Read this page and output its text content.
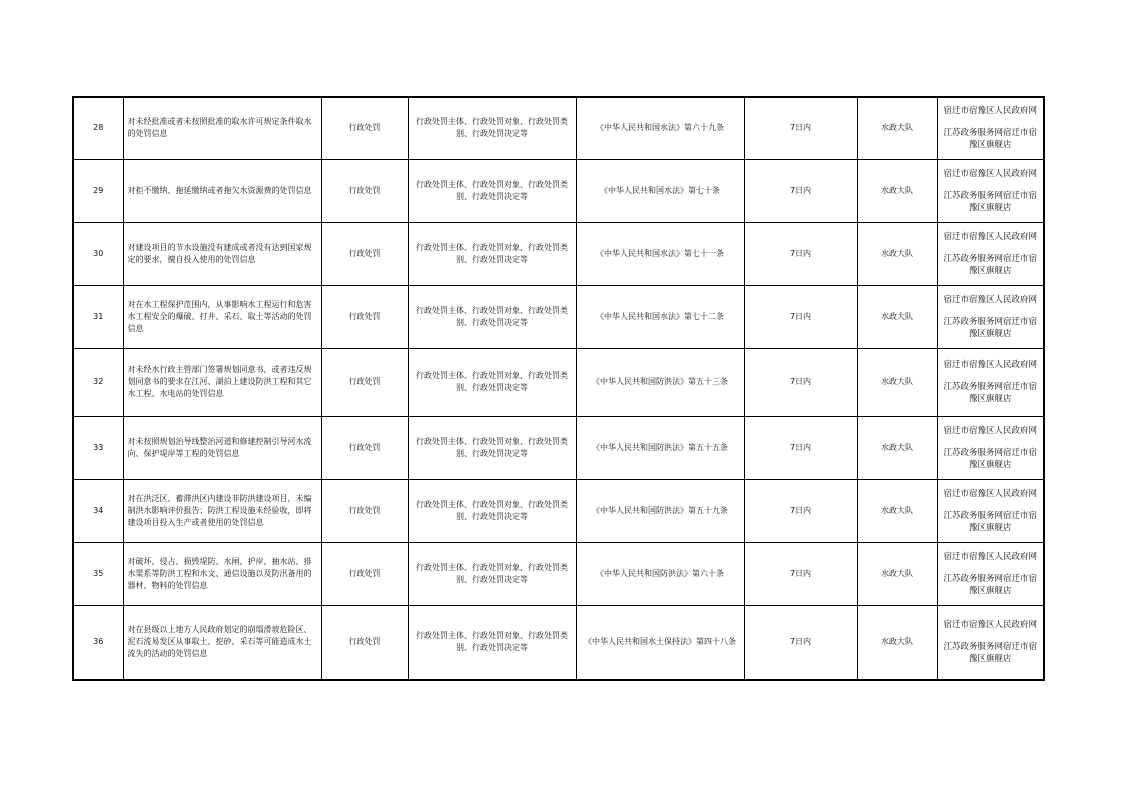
28	对未经批准或者未按照批准的取水许可规定条件取水的处罚信息	行政处罚	行政处罚主体、行政处罚对象、行政处罚类别、行政处罚决定等	《中华人民共和国水法》第六十九条	7日内	水政大队	宿迁市宿豫区人民政府网
江苏政务服务网宿迁市宿豫区旗舰店

29	对拒不缴纳、拖延缴纳或者拖欠水资源费的处罚信息	行政处罚	行政处罚主体、行政处罚对象、行政处罚类别、行政处罚决定等	《中华人民共和国水法》第七十条	7日内	水政大队	宿迁市宿豫区人民政府网
江苏政务服务网宿迁市宿豫区旗舰店

30	对建设项目的节水设施没有建成或者没有达到国家规定的要求，擅自投入使用的处罚信息	行政处罚	行政处罚主体、行政处罚对象、行政处罚类别、行政处罚决定等	《中华人民共和国水法》第七十一条	7日内	水政大队	宿迁市宿豫区人民政府网
江苏政务服务网宿迁市宿豫区旗舰店

31	对在水工程保护范围内，从事影响水工程运行和危害水工程安全的爆破、打井、采石、取土等活动的处罚信息	行政处罚	行政处罚主体、行政处罚对象、行政处罚类别、行政处罚决定等	《中华人民共和国水法》第七十二条	7日内	水政大队	宿迁市宿豫区人民政府网
江苏政务服务网宿迁市宿豫区旗舰店

32	对未经水行政主管部门签署规划同意书，或者违反规划同意书的要求在江河、湖泊上建设防洪工程和其它水工程、水电站的处罚信息	行政处罚	行政处罚主体、行政处罚对象、行政处罚类别、行政处罚决定等	《中华人民共和国防洪法》第五十三条	7日内	水政大队	宿迁市宿豫区人民政府网
江苏政务服务网宿迁市宿豫区旗舰店

33	对未按照规划治导线整治河道和修建控制引导河水流向、保护堤岸等工程的处罚信息	行政处罚	行政处罚主体、行政处罚对象、行政处罚类别、行政处罚决定等	《中华人民共和国防洪法》第五十五条	7日内	水政大队	宿迁市宿豫区人民政府网
江苏政务服务网宿迁市宿豫区旗舰店

34	对在洪泛区、蓄滞洪区内建设非防洪建设项目，未编制洪水影响评价报告；防洪工程设施未经验收，即将建设项目投入生产或者使用的处罚信息	行政处罚	行政处罚主体、行政处罚对象、行政处罚类别、行政处罚决定等	《中华人民共和国防洪法》第五十九条	7日内	水政大队	宿迁市宿豫区人民政府网
江苏政务服务网宿迁市宿豫区旗舰店

35	对破坏、侵占、损毁堤防、水闸、护岸、抽水站、排水渠系等防洪工程和水文、通信设施以及防汛备用的器材、物料的处罚信息	行政处罚	行政处罚主体、行政处罚对象、行政处罚类别、行政处罚决定等	《中华人民共和国防洪法》第六十条	7日内	水政大队	宿迁市宿豫区人民政府网
江苏政务服务网宿迁市宿豫区旗舰店

36	对在县级以上地方人民政府划定的崩塌滑坡危险区、泥石流易发区从事取土、挖砂、采石等可能造成水土流失的活动的处罚信息	行政处罚	行政处罚主体、行政处罚对象、行政处罚类别、行政处罚决定等	《中华人民共和国水土保持法》第四十八条	7日内	水政大队	宿迁市宿豫区人民政府网
江苏政务服务网宿迁市宿豫区旗舰店
